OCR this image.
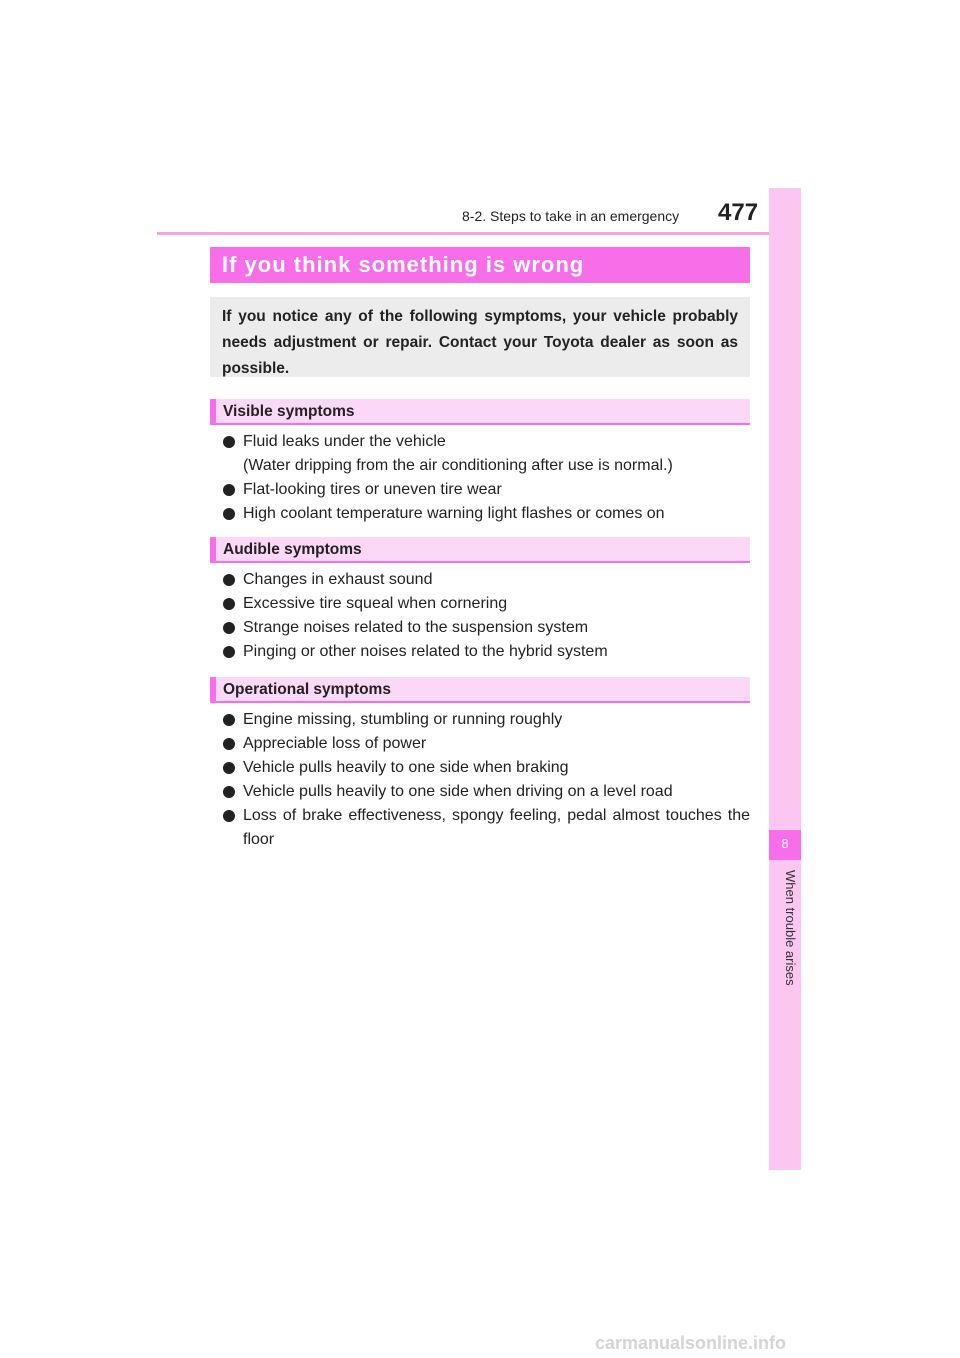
8-2. Steps to take in an emergency 477
8
When trouble arises
If you think something is wrong
If you notice any of the following symptoms, your vehicle probably needs adjustment or repair. Contact your Toyota dealer as soon as possible.
Visible symptoms
Fluid leaks under the vehicle
(Water dripping from the air conditioning after use is normal.)
Flat-looking tires or uneven tire wear
High coolant temperature warning light flashes or comes on
Audible symptoms
Changes in exhaust sound
Excessive tire squeal when cornering
Strange noises related to the suspension system
Pinging or other noises related to the hybrid system
Operational symptoms
Engine missing, stumbling or running roughly
Appreciable loss of power
Vehicle pulls heavily to one side when braking
Vehicle pulls heavily to one side when driving on a level road
Loss of brake effectiveness, spongy feeling, pedal almost touches the floor
carmanualsonline.info
